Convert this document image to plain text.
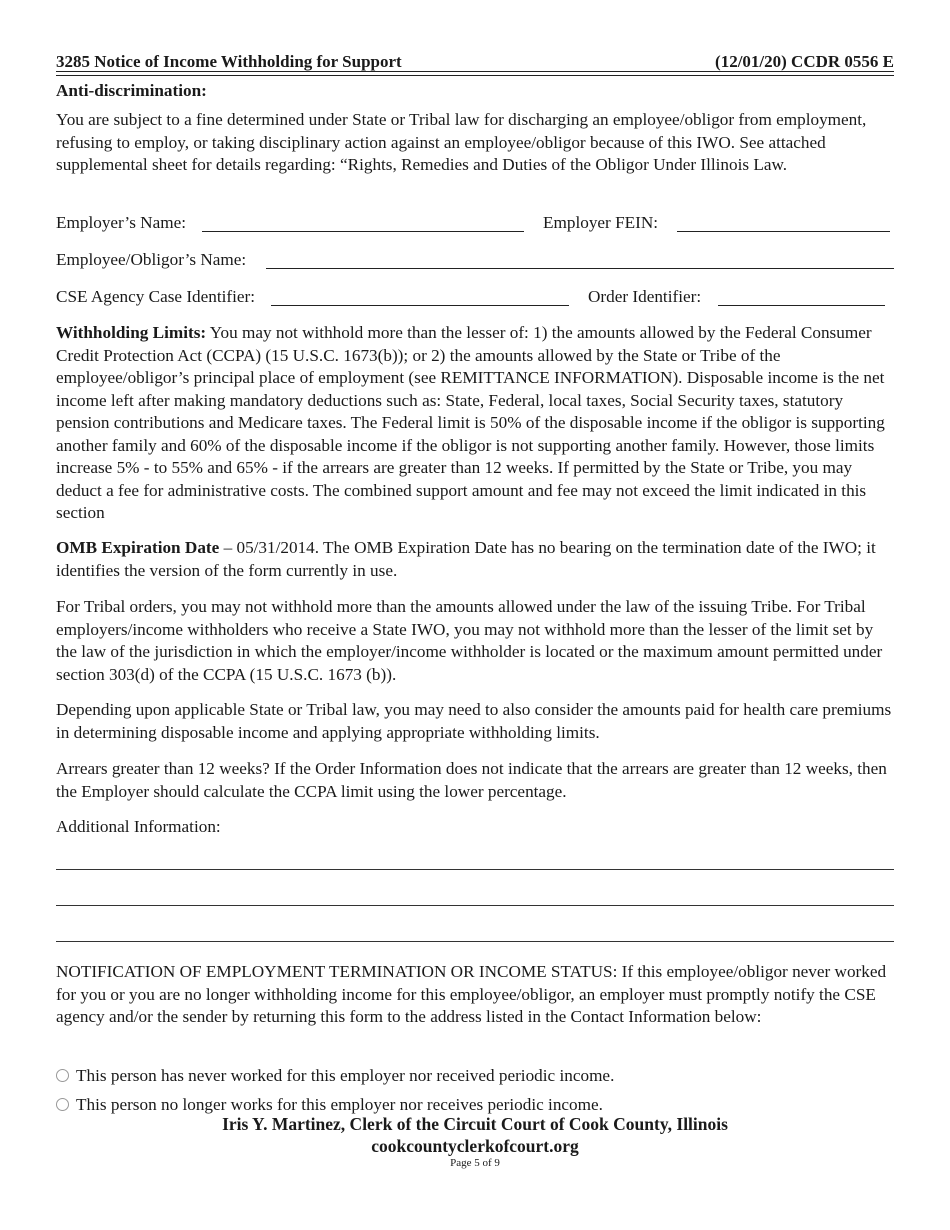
3285 Notice of Income Withholding for Support	(12/01/20) CCDR 0556 E
Anti-discrimination:
You are subject to a fine determined under State or Tribal law for discharging an employee/obligor from employment, refusing to employ, or taking disciplinary action against an employee/obligor because of this IWO. See attached supplemental sheet for details regarding: “Rights, Remedies and Duties of the Obligor Under Illinois Law.
Employer’s Name:	Employer FEIN:
Employee/Obligor’s Name:
CSE Agency Case Identifier:	Order Identifier:
Withholding Limits: You may not withhold more than the lesser of: 1) the amounts allowed by the Federal Consumer Credit Protection Act (CCPA) (15 U.S.C. 1673(b)); or 2) the amounts allowed by the State or Tribe of the employee/obligor’s principal place of employment (see REMITTANCE INFORMATION). Disposable income is the net income left after making mandatory deductions such as: State, Federal, local taxes, Social Security taxes, statutory pension contributions and Medicare taxes. The Federal limit is 50% of the disposable income if the obligor is supporting another family and 60% of the disposable income if the obligor is not supporting another family. However, those limits increase 5% - to 55% and 65% - if the arrears are greater than 12 weeks. If permitted by the State or Tribe, you may deduct a fee for administrative costs. The combined support amount and fee may not exceed the limit indicated in this section
OMB Expiration Date – 05/31/2014. The OMB Expiration Date has no bearing on the termination date of the IWO; it identifies the version of the form currently in use.
For Tribal orders, you may not withhold more than the amounts allowed under the law of the issuing Tribe. For Tribal employers/income withholders who receive a State IWO, you may not withhold more than the lesser of the limit set by the law of the jurisdiction in which the employer/income withholder is located or the maximum amount permitted under section 303(d) of the CCPA (15 U.S.C. 1673 (b)).
Depending upon applicable State or Tribal law, you may need to also consider the amounts paid for health care premiums in determining disposable income and applying appropriate withholding limits.
Arrears greater than 12 weeks? If the Order Information does not indicate that the arrears are greater than 12 weeks, then the Employer should calculate the CCPA limit using the lower percentage.
Additional Information:
NOTIFICATION OF EMPLOYMENT TERMINATION OR INCOME STATUS: If this employee/obligor never worked for you or you are no longer withholding income for this employee/obligor, an employer must promptly notify the CSE agency and/or the sender by returning this form to the address listed in the Contact Information below:
This person has never worked for this employer nor received periodic income.
This person no longer works for this employer nor receives periodic income.
Iris Y. Martinez, Clerk of the Circuit Court of Cook County, Illinois
cookcountyclerkofcourt.org
Page 5 of 9
